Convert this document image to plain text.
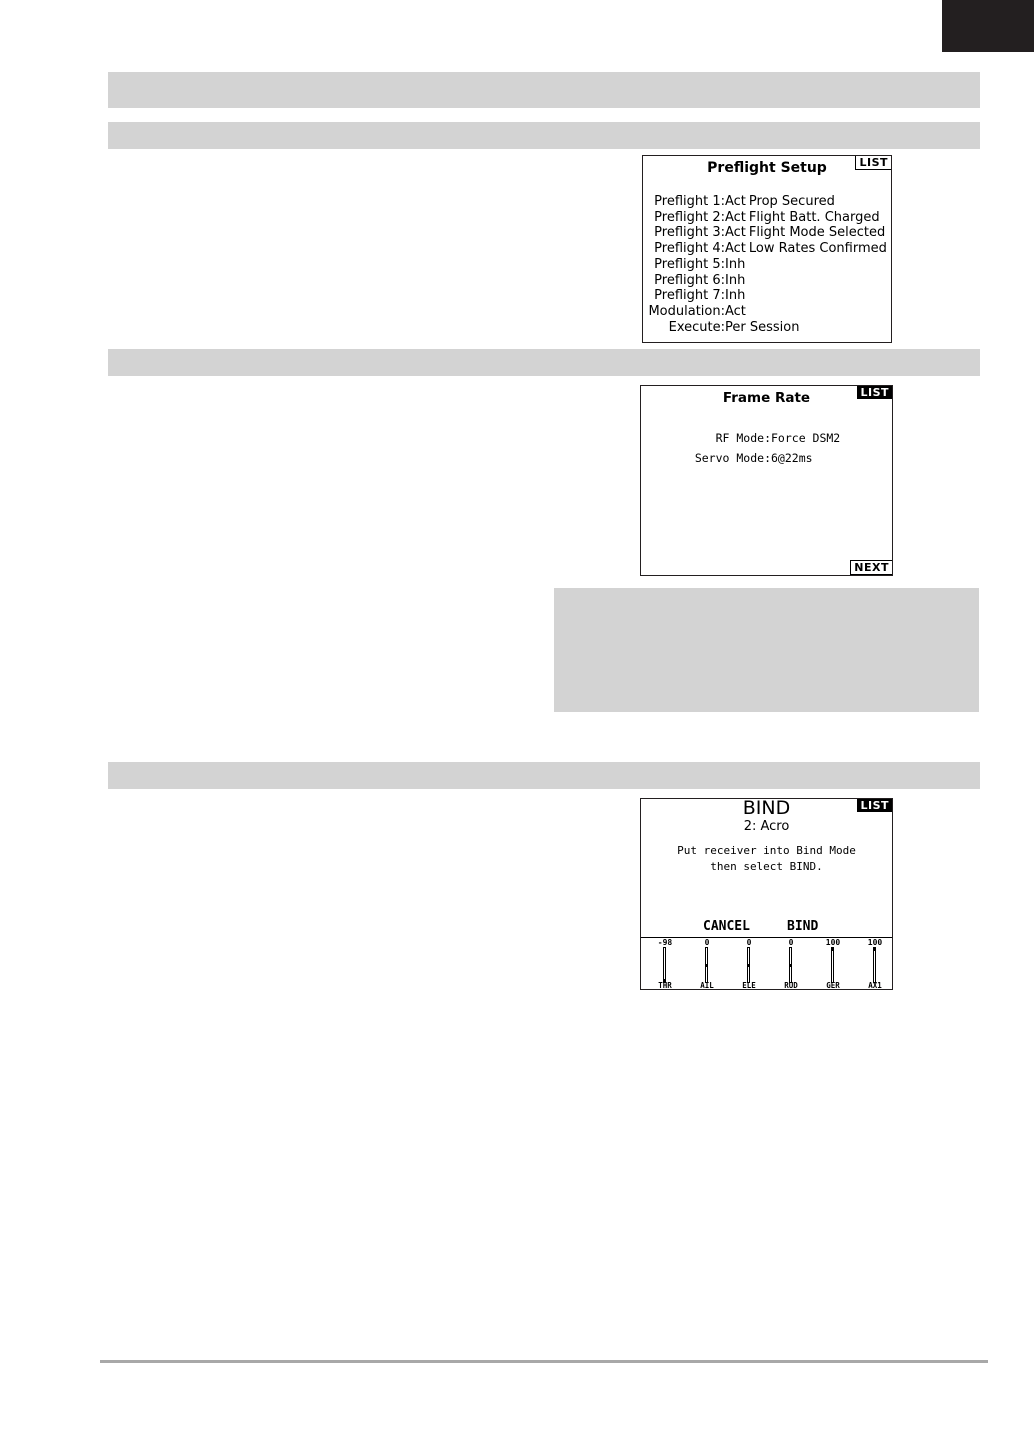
LIST
Preflight Setup
Preflight 1:Act Prop Secured
Preflight 2:Act Flight Batt. Charged
Preflight 3:Act Flight Mode Selected
Preflight 4:Act Low Rates Confirmed
Preflight 5:Inh
Preflight 6:Inh
Preflight 7:Inh
Modulation:Act
Execute:Per Session
LIST
Frame Rate
RF Mode:Force DSM2
Servo Mode:6@22ms
NEXT
LIST
BIND
2: Acro
Put receiver into Bind Mode
then select BIND.
CANCEL	BIND
-98
THR
0
AIL
0
ELE
0
RUD
100
GER
100
AX1
